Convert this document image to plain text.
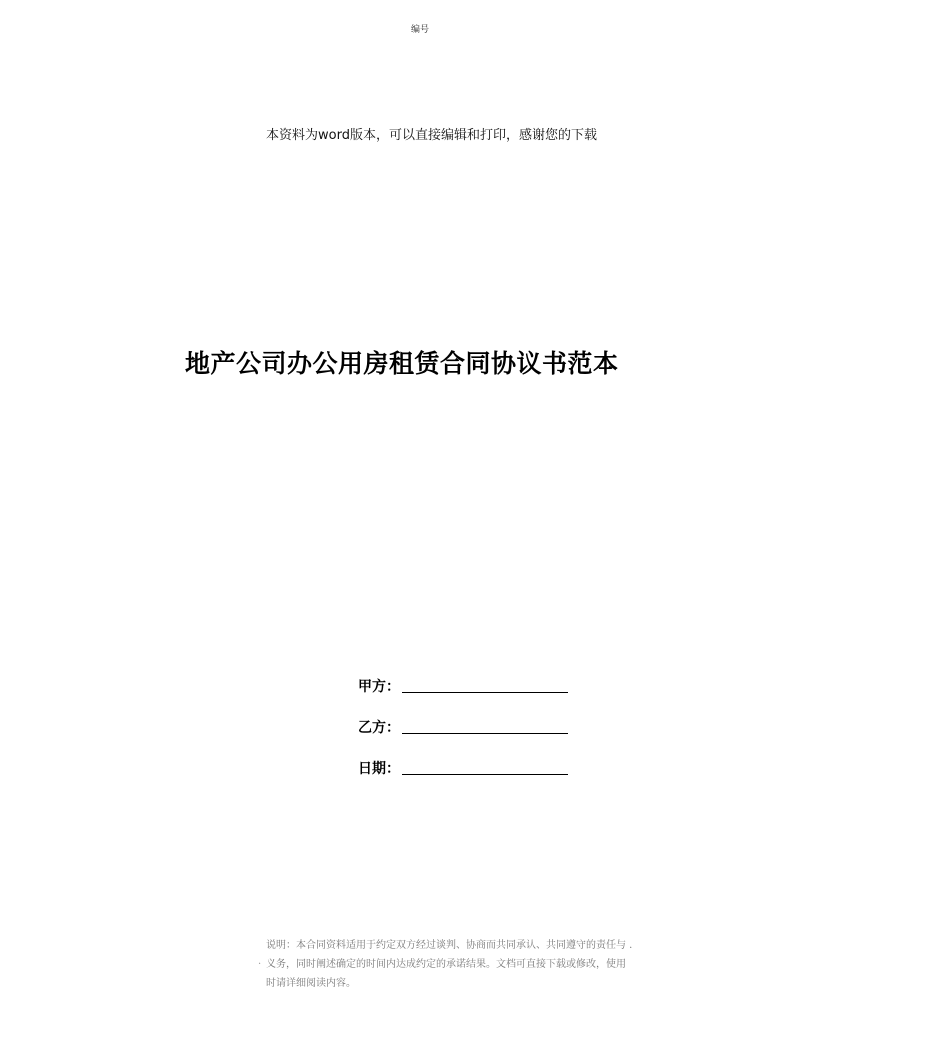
编号
本资料为word版本，可以直接编辑和打印，感谢您的下载
地产公司办公用房租赁合同协议书范本
甲方：
乙方：
日期：
.
说明：本合同资料适用于约定双方经过谈判、协商而共同承认、共同遵守的责任与 .
义务，同时阐述确定的时间内达成约定的承诺结果。文档可直接下载或修改，使用
时请详细阅读内容。
